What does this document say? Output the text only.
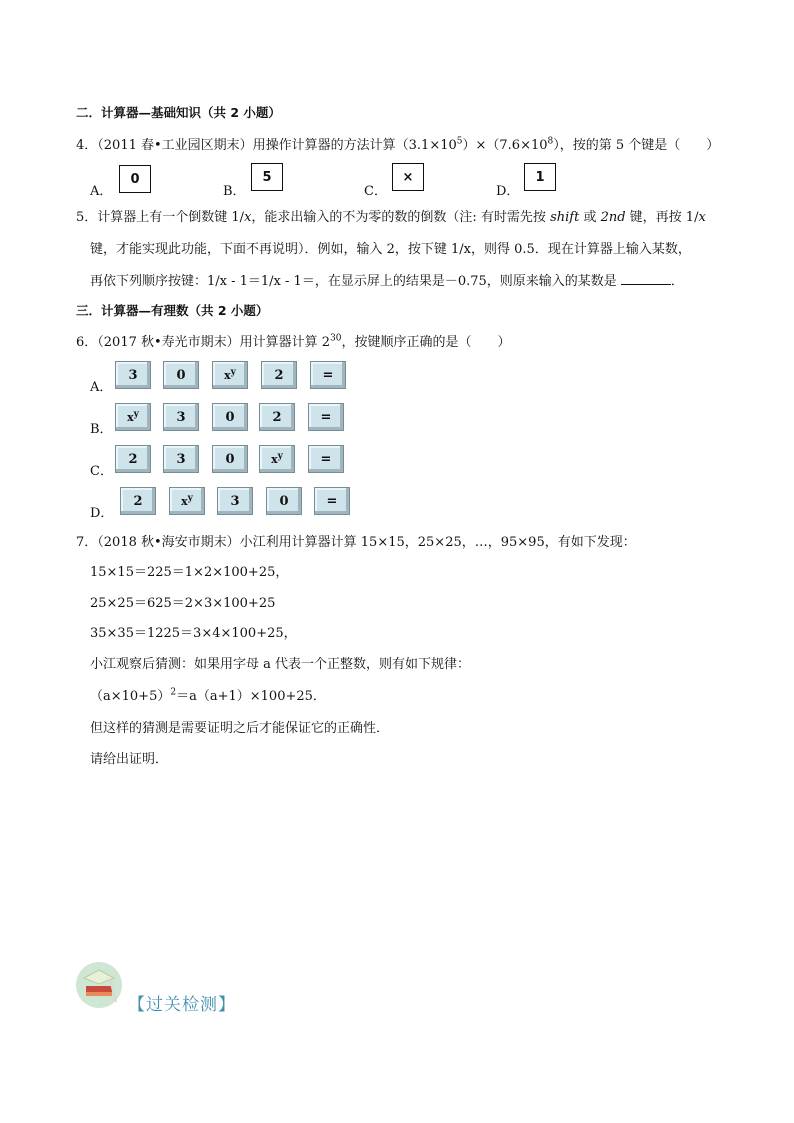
二．计算器—基础知识（共 2 小题）
4．（2011 春•工业园区期末）用操作计算器的方法计算$(3.1\times 10^5)\times(7.6\times 10^8)$，按的第 5 个键是（　　）
A．
0
B．
5
C．
×
D．
1
5．计算器上有一个倒数键 1/x，能求出输入的不为零的数的倒数（注: 有时需先按 shift 或 2nd 键，再按 1/x
键，才能实现此功能，下面不再说明）．例如，输入 2，按下键 1/x，则得 0.5．现在计算器上输入某数，
再依下列顺序按键：1/x - 1＝1/x - 1＝，在显示屏上的结果是－0.75，则原来输入的某数是	．
三．计算器—有理数（共 2 小题）
6．（2017 秋•寿光市期末）用计算器计算 $2^{30}$，按键顺序正确的是（　　）
A．
3	0	$x^y$	2	=
B．
$x^y$	3	0	2	=
C．
2	3	0	$x^y$	=
D．
2	$x^y$	3	0	=
7．（2018 秋•海安市期末）小江利用计算器计算 15×15，25×25，…，95×95，有如下发现：
15×15＝225＝1×2×100+25，
25×25＝625＝2×3×100+25
35×35＝1225＝3×4×100+25，
小江观察后猜测：如果用字母 a 代表一个正整数，则有如下规律：
$(a\times 10+5)^2=a(a+1)\times 100+25$．
但这样的猜测是需要证明之后才能保证它的正确性．
请给出证明．
【过关检测】
